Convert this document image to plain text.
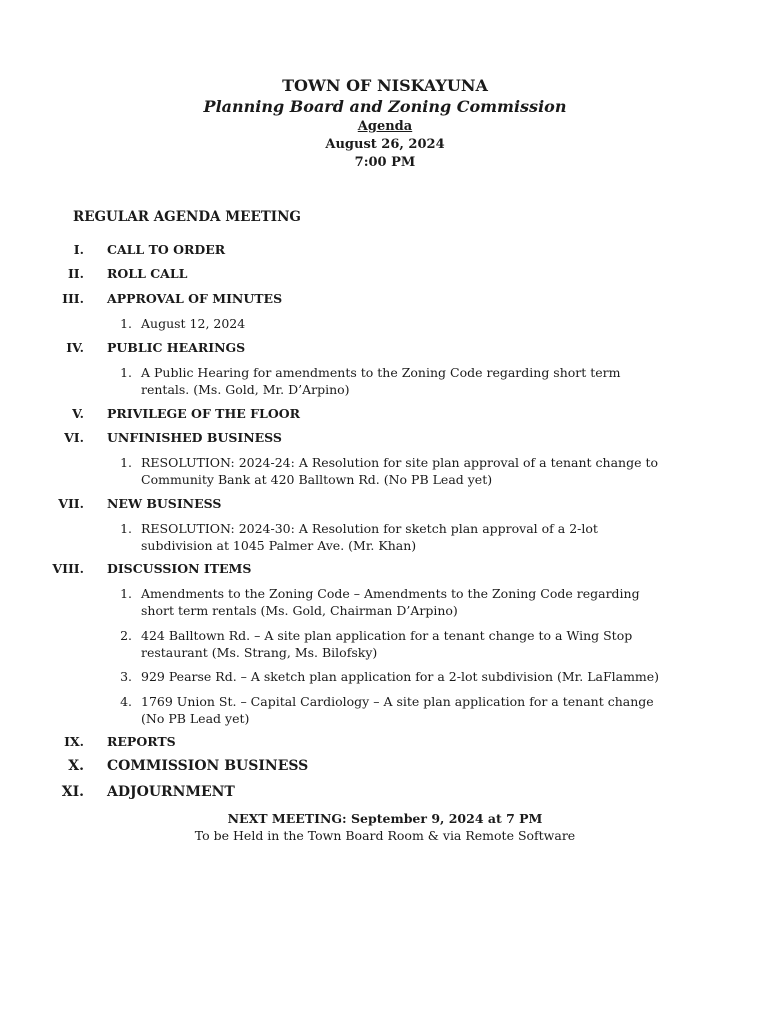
TOWN OF NISKAYUNA
Planning Board and Zoning Commission
Agenda
August 26, 2024
7:00 PM
REGULAR AGENDA MEETING
I. CALL TO ORDER
II. ROLL CALL
III. APPROVAL OF MINUTES
1. August 12, 2024
IV. PUBLIC HEARINGS
1. A Public Hearing for amendments to the Zoning Code regarding short term
rentals. (Ms. Gold, Mr. D’Arpino)
V. PRIVILEGE OF THE FLOOR
VI. UNFINISHED BUSINESS
1. RESOLUTION: 2024-24: A Resolution for site plan approval of a tenant change to
Community Bank at 420 Balltown Rd. (No PB Lead yet)
VII. NEW BUSINESS
1. RESOLUTION: 2024-30: A Resolution for sketch plan approval of a 2-lot
subdivision at 1045 Palmer Ave. (Mr. Khan)
VIII. DISCUSSION ITEMS
1. Amendments to the Zoning Code – Amendments to the Zoning Code regarding
short term rentals (Ms. Gold, Chairman D’Arpino)
2. 424 Balltown Rd. – A site plan application for a tenant change to a Wing Stop
restaurant (Ms. Strang, Ms. Bilofsky)
3. 929 Pearse Rd. – A sketch plan application for a 2-lot subdivision (Mr. LaFlamme)
4. 1769 Union St. – Capital Cardiology – A site plan application for a tenant change
(No PB Lead yet)
IX. REPORTS
X. COMMISSION BUSINESS
XI. ADJOURNMENT
NEXT MEETING: September 9, 2024 at 7 PM
To be Held in the Town Board Room & via Remote Software
